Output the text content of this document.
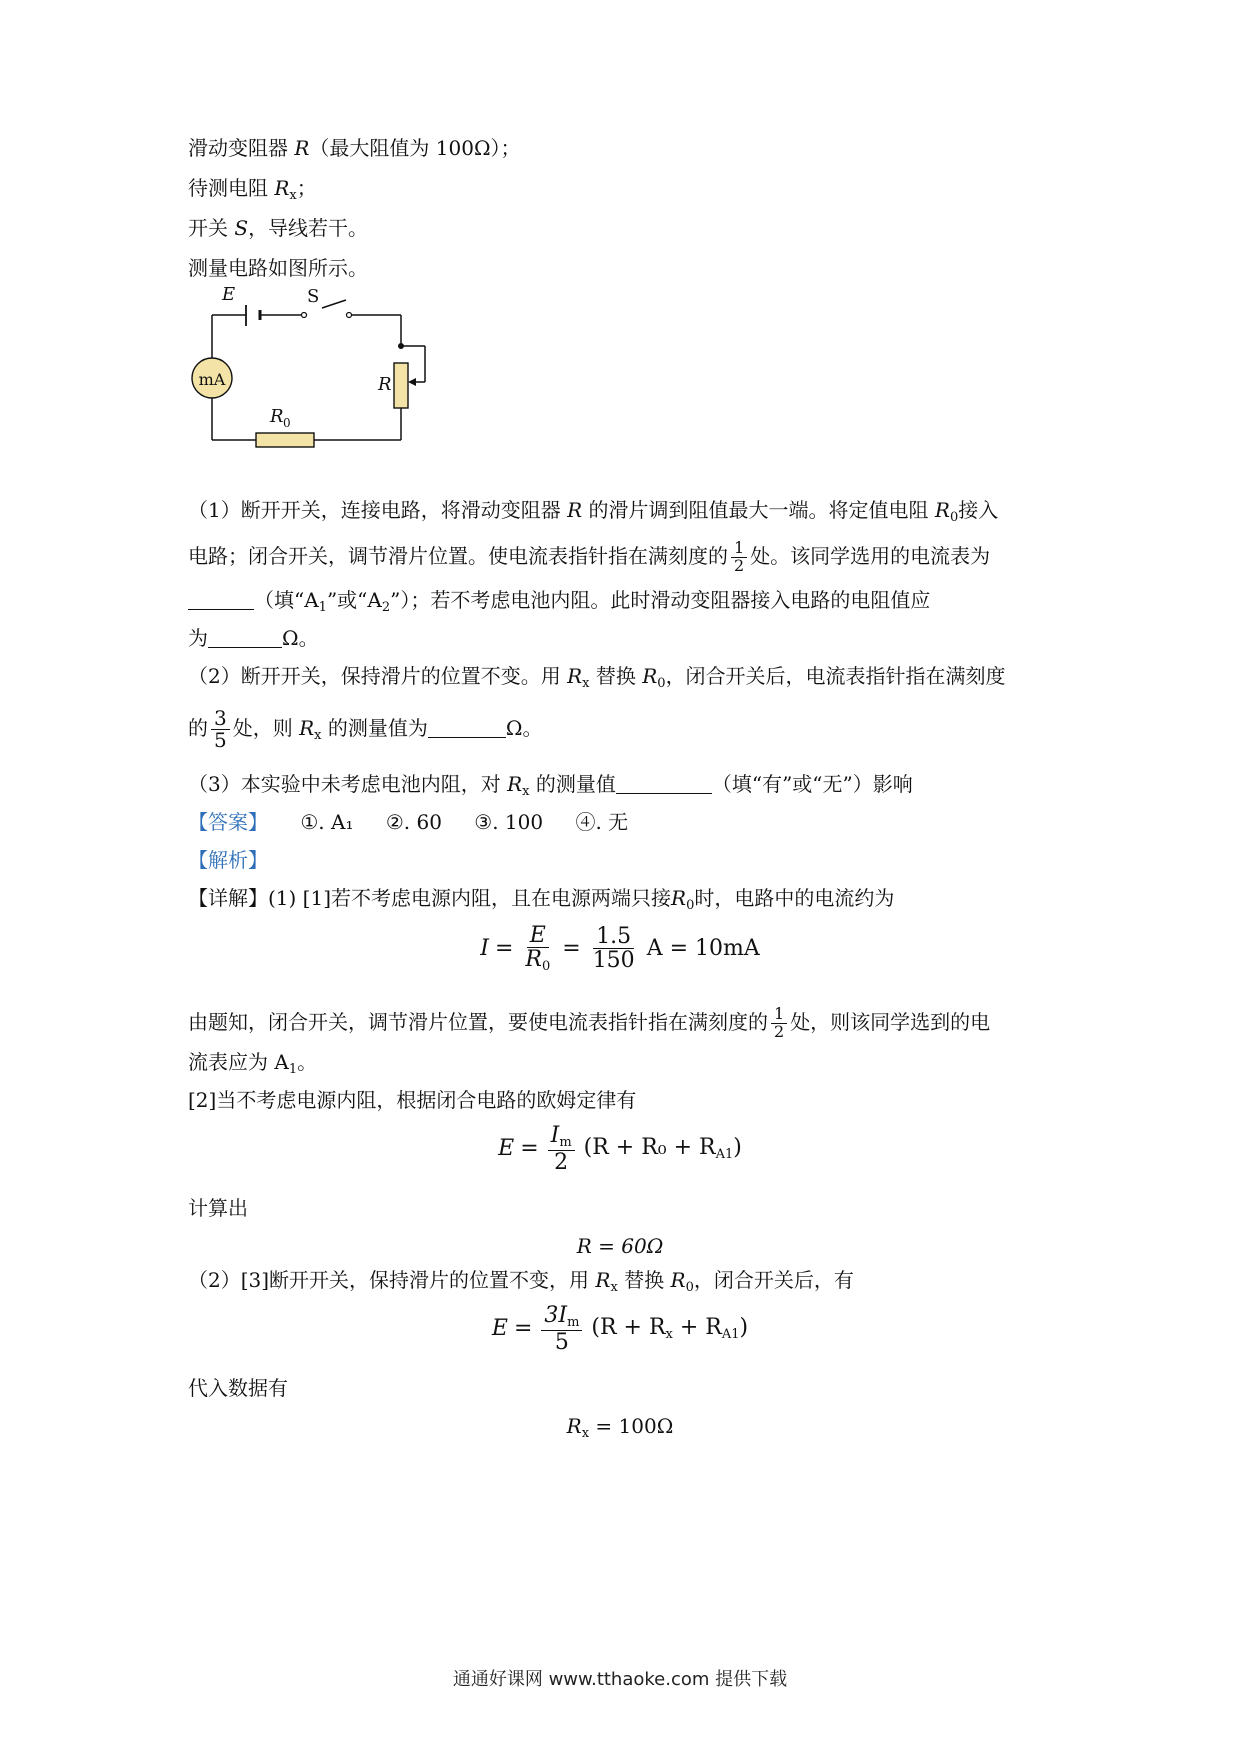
滑动变阻器 R（最大阻值为 100Ω）；
待测电阻 $R_x$；
开关 S，导线若干。
测量电路如图所示。
E	S
mA	R
R 0
（1）断开开关，连接电路，将滑动变阻器 R 的滑片调到阻值最大一端。将定值电阻 $R_0$接入
电路；闭合开关，调节滑片位置。使电流表指针指在满刻度的 $\frac{1}{2}$ 处。该同学选用的电流表为
（填“$A_1$”或“$A_2$”）；若不考虑电池内阻。此时滑动变阻器接入电路的电阻值应
为	Ω。
（2）断开开关，保持滑片的位置不变。用 $R_x$ 替换 $R_0$，闭合开关后，电流表指针指在满刻度
的 $\frac{3}{5}$ 处，则 $R_x$ 的测量值为	Ω。
（3）本实验中未考虑电池内阻，对 $R_x$ 的测量值	（填“有”或“无”）影响
【答案】 ①. A₁ ②. 60 ③. 100 ④. 无
【解析】
【详解】(1) [1]若不考虑电源内阻，且在电源两端只接$R_0$时，电路中的电流约为
$I = \frac{E}{R_0} = \frac{1.5}{150}$ A = 10mA
由题知，闭合开关，调节滑片位置，要使电流表指针指在满刻度的 $\frac{1}{2}$ 处，则该同学选到的电
流表应为 $A_1$。
[2]当不考虑电源内阻，根据闭合电路的欧姆定律有
$E = \frac{I_m}{2} (R + R_0 + R_{A1})$
计算出
R = 60Ω
（2）[3]断开开关，保持滑片的位置不变，用 $R_x$ 替换 $R_0$，闭合开关后，有
$E = \frac{3I_m}{5} (R + R_x + R_{A1})$
代入数据有
$R_x = 100\Omega$
通通好课网 www.tthaoke.com 提供下载
